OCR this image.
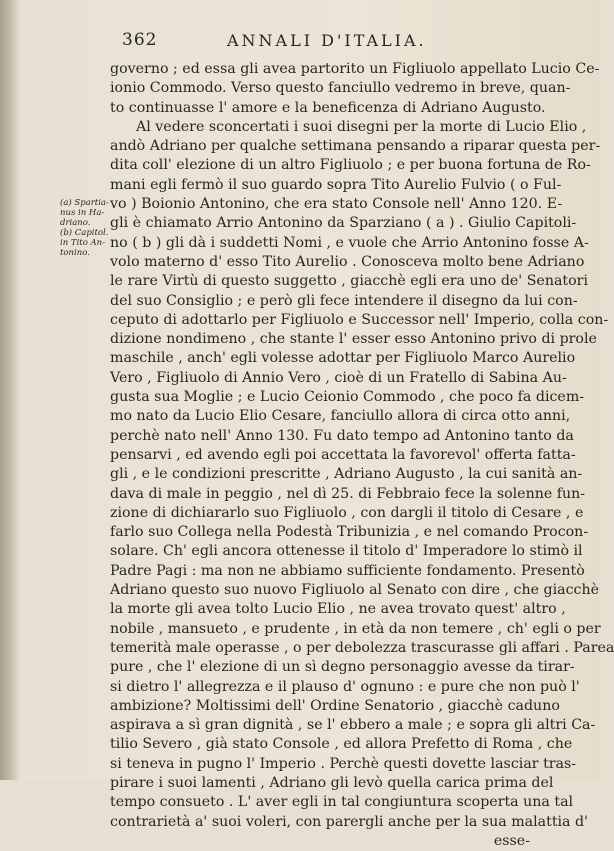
362	ANNALI D'ITALIA.
(a) Spartia-
nus in Ha-
driano.
(b) Capitol.
in Tito An-
tonino.
governo ; ed essa gli avea partorito un Figliuolo appellato Lucio Ce-
ionio Commodo. Verso questo fanciullo vedremo in breve, quan-
to continuasse l' amore e la beneficenza di Adriano Augusto.
Al vedere sconcertati i suoi disegni per la morte di Lucio Elio ,
andò Adriano per qualche settimana pensando a riparar questa per-
dita coll' elezione di un altro Figliuolo ; e per buona fortuna de Ro-
mani egli fermò il suo guardo sopra Tito Aurelio Fulvio ( o Ful-
vo ) Boionio Antonino, che era stato Console nell' Anno 120. E-
gli è chiamato Arrio Antonino da Sparziano ( a ) . Giulio Capitoli-
no ( b ) gli dà i suddetti Nomi , e vuole che Arrio Antonino fosse A-
volo materno d' esso Tito Aurelio . Conosceva molto bene Adriano
le rare Virtù di questo suggetto , giacchè egli era uno de' Senatori
del suo Consiglio ; e però gli fece intendere il disegno da lui con-
ceputo di adottarlo per Figliuolo e Successor nell' Imperio, colla con-
dizione nondimeno , che stante l' esser esso Antonino privo di prole
maschile , anch' egli volesse adottar per Figliuolo Marco Aurelio
Vero , Figliuolo di Annio Vero , cioè di un Fratello di Sabina Au-
gusta sua Moglie ; e Lucio Ceionio Commodo , che poco fa dicem-
mo nato da Lucio Elio Cesare, fanciullo allora di circa otto anni,
perchè nato nell' Anno 130. Fu dato tempo ad Antonino tanto da
pensarvi , ed avendo egli poi accettata la favorevol' offerta fatta-
gli , e le condizioni prescritte , Adriano Augusto , la cui sanità an-
dava di male in peggio , nel dì 25. di Febbraio fece la solenne fun-
zione di dichiararlo suo Figliuolo , con dargli il titolo di Cesare , e
farlo suo Collega nella Podestà Tribunizia , e nel comando Procon-
solare. Ch' egli ancora ottenesse il titolo d' Imperadore lo stimò il
Padre Pagi : ma non ne abbiamo sufficiente fondamento. Presentò
Adriano questo suo nuovo Figliuolo al Senato con dire , che giacchè
la morte gli avea tolto Lucio Elio , ne avea trovato quest' altro ,
nobile , mansueto , e prudente , in età da non temere , ch' egli o per
temerità male operasse , o per debolezza trascurasse gli affari . Parea
pure , che l' elezione di un sì degno personaggio avesse da tirar-
si dietro l' allegrezza e il plauso d' ognuno : e pure che non può l'
ambizione? Moltissimi dell' Ordine Senatorio , giacchè caduno
aspirava a sì gran dignità , se l' ebbero a male ; e sopra gli altri Ca-
tilio Severo , già stato Console , ed allora Prefetto di Roma , che
si teneva in pugno l' Imperio . Perchè questi dovette lasciar tras-
pirare i suoi lamenti , Adriano gli levò quella carica prima del
tempo consueto . L' aver egli in tal congiuntura scoperta una tal
contrarietà a' suoi voleri, con parergli anche per la sua malattia d'
esse-
